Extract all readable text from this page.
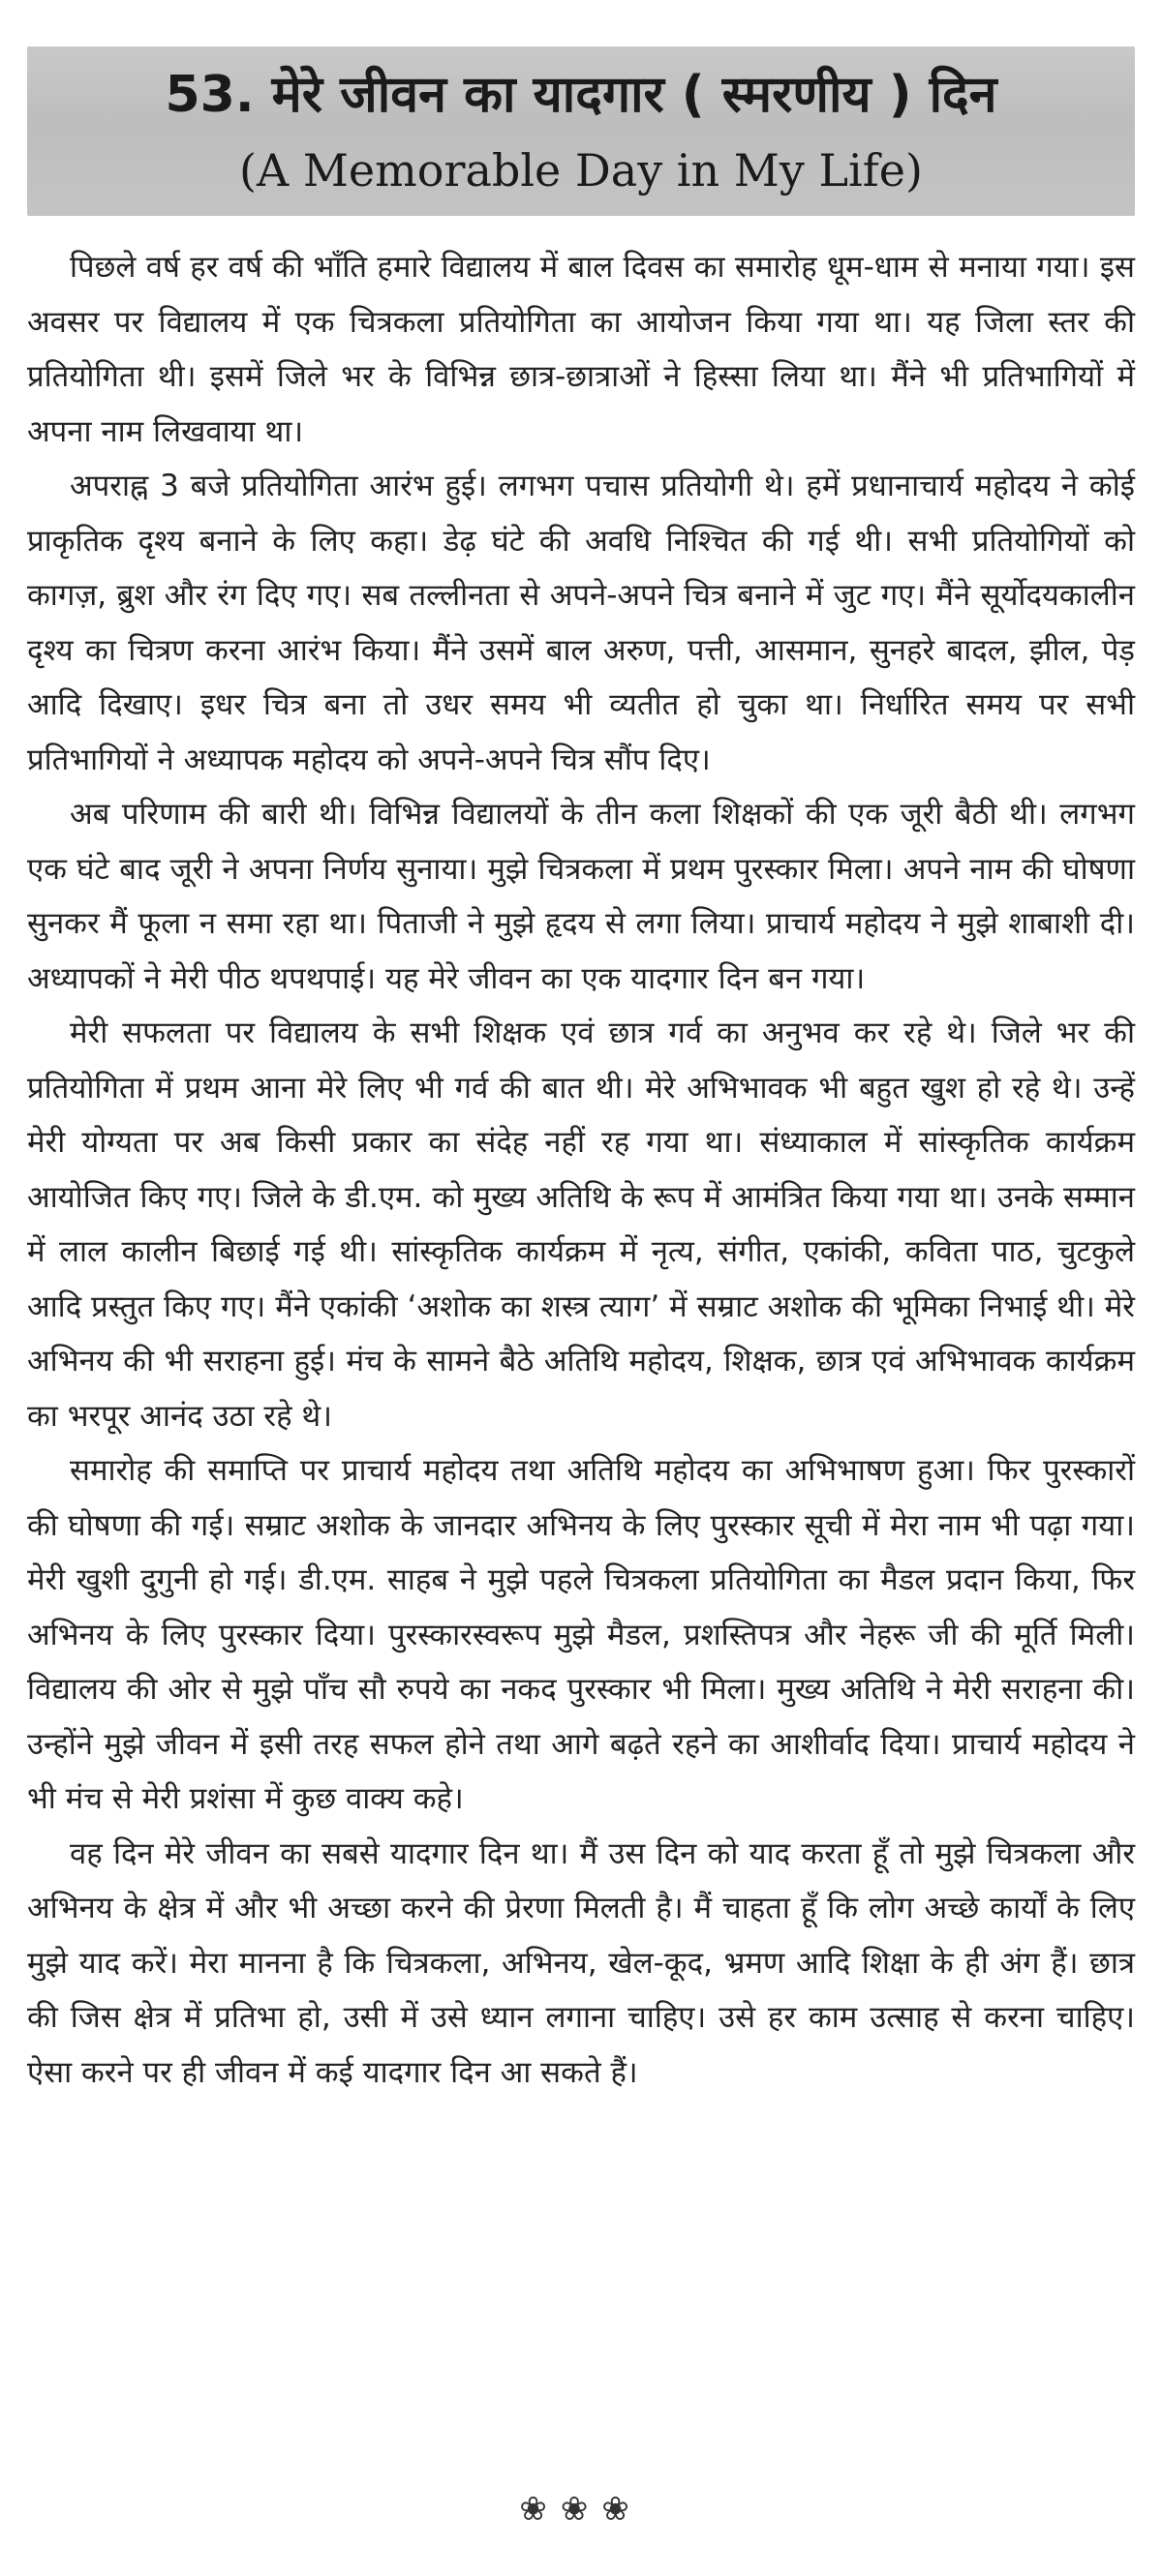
53. मेरे जीवन का यादगार ( स्मरणीय ) दिन
(A Memorable Day in My Life)

पिछले वर्ष हर वर्ष की भाँति हमारे विद्यालय में बाल दिवस का समारोह धूम-धाम से मनाया गया। इस अवसर पर विद्यालय में एक चित्रकला प्रतियोगिता का आयोजन किया गया था। यह जिला स्तर की प्रतियोगिता थी। इसमें जिले भर के विभिन्न छात्र-छात्राओं ने हिस्सा लिया था। मैंने भी प्रतिभागियों में अपना नाम लिखवाया था।

अपराह्न 3 बजे प्रतियोगिता आरंभ हुई। लगभग पचास प्रतियोगी थे। हमें प्रधानाचार्य महोदय ने कोई प्राकृतिक दृश्य बनाने के लिए कहा। डेढ़ घंटे की अवधि निश्चित की गई थी। सभी प्रतियोगियों को कागज़, ब्रुश और रंग दिए गए। सब तल्लीनता से अपने-अपने चित्र बनाने में जुट गए। मैंने सूर्योदयकालीन दृश्य का चित्रण करना आरंभ किया। मैंने उसमें बाल अरुण, पत्ती, आसमान, सुनहरे बादल, झील, पेड़ आदि दिखाए। इधर चित्र बना तो उधर समय भी व्यतीत हो चुका था। निर्धारित समय पर सभी प्रतिभागियों ने अध्यापक महोदय को अपने-अपने चित्र सौंप दिए।

अब परिणाम की बारी थी। विभिन्न विद्यालयों के तीन कला शिक्षकों की एक जूरी बैठी थी। लगभग एक घंटे बाद जूरी ने अपना निर्णय सुनाया। मुझे चित्रकला में प्रथम पुरस्कार मिला। अपने नाम की घोषणा सुनकर मैं फूला न समा रहा था। पिताजी ने मुझे हृदय से लगा लिया। प्राचार्य महोदय ने मुझे शाबाशी दी। अध्यापकों ने मेरी पीठ थपथपाई। यह मेरे जीवन का एक यादगार दिन बन गया।

मेरी सफलता पर विद्यालय के सभी शिक्षक एवं छात्र गर्व का अनुभव कर रहे थे। जिले भर की प्रतियोगिता में प्रथम आना मेरे लिए भी गर्व की बात थी। मेरे अभिभावक भी बहुत खुश हो रहे थे। उन्हें मेरी योग्यता पर अब किसी प्रकार का संदेह नहीं रह गया था। संध्याकाल में सांस्कृतिक कार्यक्रम आयोजित किए गए। जिले के डी.एम. को मुख्य अतिथि के रूप में आमंत्रित किया गया था। उनके सम्मान में लाल कालीन बिछाई गई थी। सांस्कृतिक कार्यक्रम में नृत्य, संगीत, एकांकी, कविता पाठ, चुटकुले आदि प्रस्तुत किए गए। मैंने एकांकी ‘अशोक का शस्त्र त्याग’ में सम्राट अशोक की भूमिका निभाई थी। मेरे अभिनय की भी सराहना हुई। मंच के सामने बैठे अतिथि महोदय, शिक्षक, छात्र एवं अभिभावक कार्यक्रम का भरपूर आनंद उठा रहे थे।

समारोह की समाप्ति पर प्राचार्य महोदय तथा अतिथि महोदय का अभिभाषण हुआ। फिर पुरस्कारों की घोषणा की गई। सम्राट अशोक के जानदार अभिनय के लिए पुरस्कार सूची में मेरा नाम भी पढ़ा गया। मेरी खुशी दुगुनी हो गई। डी.एम. साहब ने मुझे पहले चित्रकला प्रतियोगिता का मैडल प्रदान किया, फिर अभिनय के लिए पुरस्कार दिया। पुरस्कारस्वरूप मुझे मैडल, प्रशस्तिपत्र और नेहरू जी की मूर्ति मिली। विद्यालय की ओर से मुझे पाँच सौ रुपये का नकद पुरस्कार भी मिला। मुख्य अतिथि ने मेरी सराहना की। उन्होंने मुझे जीवन में इसी तरह सफल होने तथा आगे बढ़ते रहने का आशीर्वाद दिया। प्राचार्य महोदय ने भी मंच से मेरी प्रशंसा में कुछ वाक्य कहे।

वह दिन मेरे जीवन का सबसे यादगार दिन था। मैं उस दिन को याद करता हूँ तो मुझे चित्रकला और अभिनय के क्षेत्र में और भी अच्छा करने की प्रेरणा मिलती है। मैं चाहता हूँ कि लोग अच्छे कार्यों के लिए मुझे याद करें। मेरा मानना है कि चित्रकला, अभिनय, खेल-कूद, भ्रमण आदि शिक्षा के ही अंग हैं। छात्र की जिस क्षेत्र में प्रतिभा हो, उसी में उसे ध्यान लगाना चाहिए। उसे हर काम उत्साह से करना चाहिए। ऐसा करने पर ही जीवन में कई यादगार दिन आ सकते हैं।

❀❀❀
